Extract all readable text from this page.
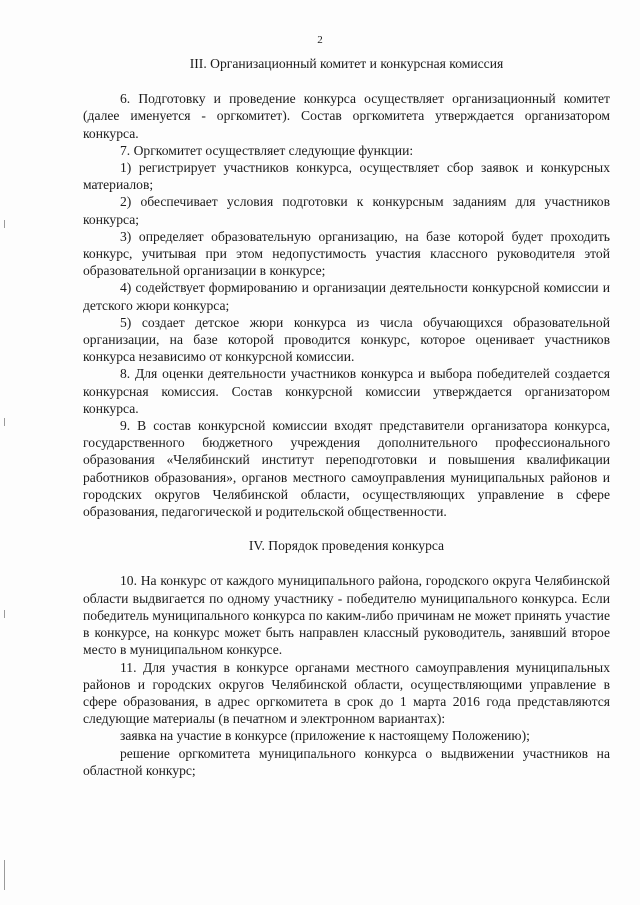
2
III. Организационный комитет и конкурсная комиссия

6. Подготовку и проведение конкурса осуществляет организационный комитет (далее именуется - оргкомитет). Состав оргкомитета утверждается организатором конкурса.

7. Оргкомитет осуществляет следующие функции:

1) регистрирует участников конкурса, осуществляет сбор заявок и конкурсных материалов;

2) обеспечивает условия подготовки к конкурсным заданиям для участников конкурса;

3) определяет образовательную организацию, на базе которой будет проходить конкурс, учитывая при этом недопустимость участия классного руководителя этой образовательной организации в конкурсе;

4) содействует формированию и организации деятельности конкурсной комиссии и детского жюри конкурса;

5) создает детское жюри конкурса из числа обучающихся образовательной организации, на базе которой проводится конкурс, которое оценивает участников конкурса независимо от конкурсной комиссии.

8. Для оценки деятельности участников конкурса и выбора победителей создается конкурсная комиссия. Состав конкурсной комиссии утверждается организатором конкурса.

9. В состав конкурсной комиссии входят представители организатора конкурса, государственного бюджетного учреждения дополнительного профессионального образования «Челябинский институт переподготовки и повышения квалификации работников образования», органов местного самоуправления муниципальных районов и городских округов Челябинской области, осуществляющих управление в сфере образования, педагогической и родительской общественности.

IV. Порядок проведения конкурса

10. На конкурс от каждого муниципального района, городского округа Челябинской области выдвигается по одному участнику - победителю муниципального конкурса. Если победитель муниципального конкурса по каким-либо причинам не может принять участие в конкурсе, на конкурс может быть направлен классный руководитель, занявший второе место в муниципальном конкурсе.

11. Для участия в конкурсе органами местного самоуправления муниципальных районов и городских округов Челябинской области, осуществляющими управление в сфере образования, в адрес оргкомитета в срок до 1 марта 2016 года представляются следующие материалы (в печатном и электронном вариантах):

заявка на участие в конкурсе (приложение к настоящему Положению);

решение оргкомитета муниципального конкурса о выдвижении участников на областной конкурс;
